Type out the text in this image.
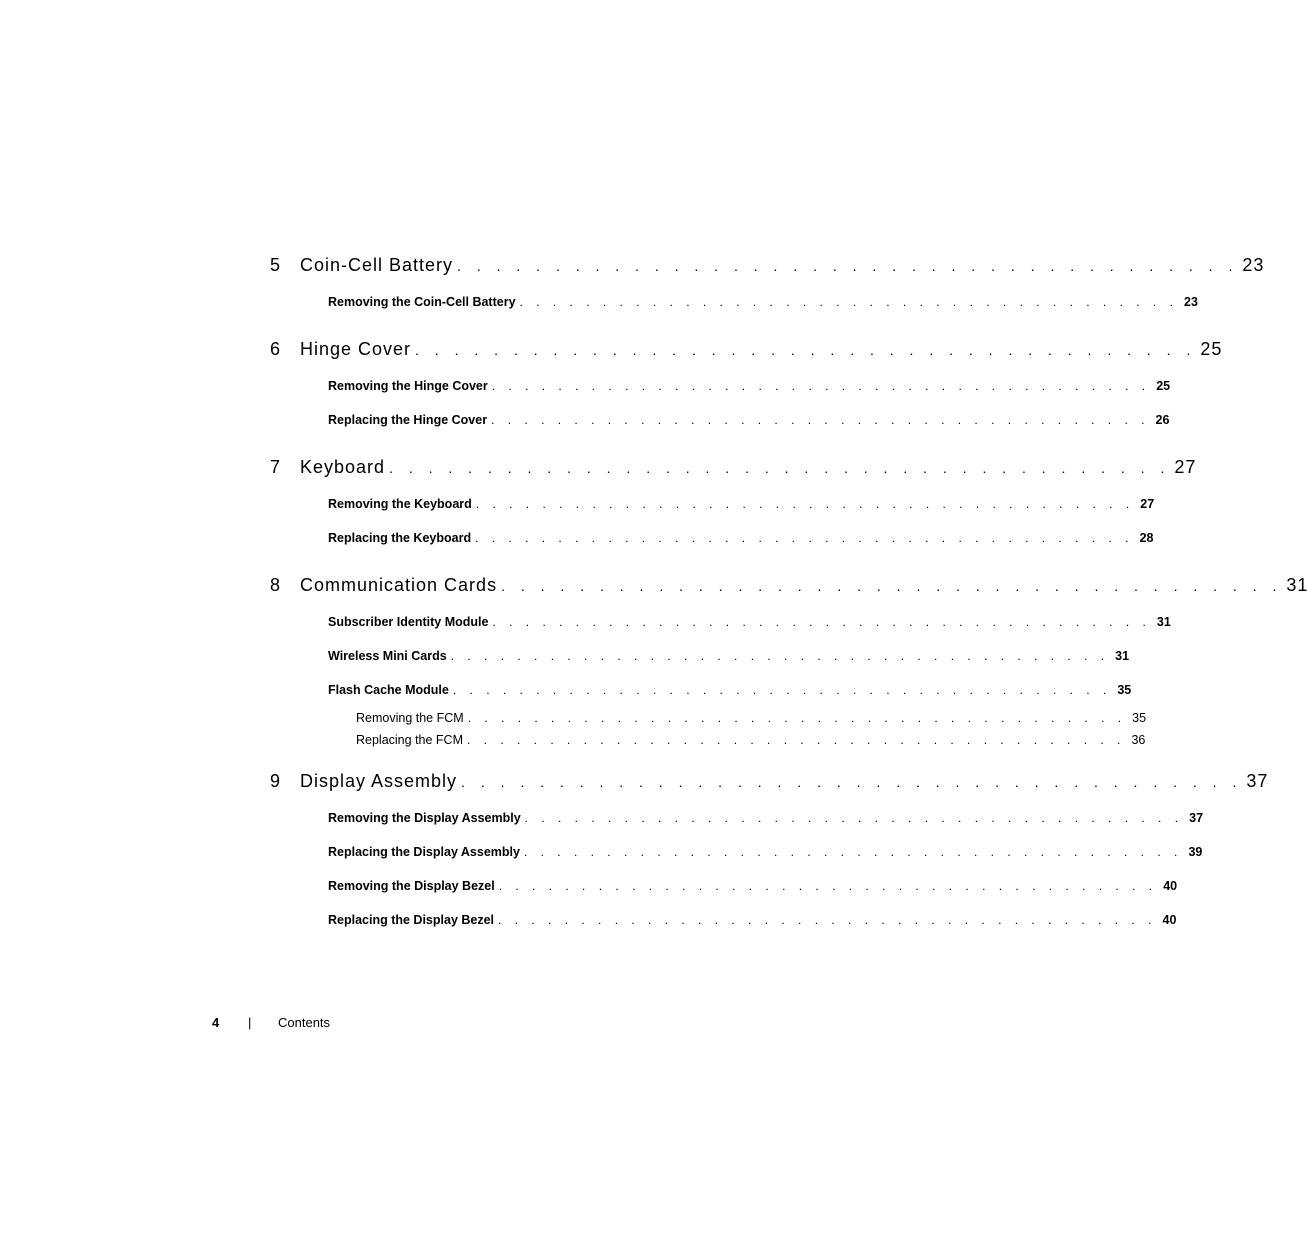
5	Coin-Cell Battery . . . . . . . . . . . . . . . . . . . . . . . . . . . . . . . . . . . . . . . . 23
Removing the Coin-Cell Battery . . . . . . . . . . . . . . . . . . . . . . . . . . . . . . . . . . . . . . . . 23
6	Hinge Cover . . . . . . . . . . . . . . . . . . . . . . . . . . . . . . . . . . . . . . . . 25
Removing the Hinge Cover . . . . . . . . . . . . . . . . . . . . . . . . . . . . . . . . . . . . . . . . 25
Replacing the Hinge Cover . . . . . . . . . . . . . . . . . . . . . . . . . . . . . . . . . . . . . . . . 26
7	Keyboard . . . . . . . . . . . . . . . . . . . . . . . . . . . . . . . . . . . . . . . . 27
Removing the Keyboard . . . . . . . . . . . . . . . . . . . . . . . . . . . . . . . . . . . . . . . . 27
Replacing the Keyboard . . . . . . . . . . . . . . . . . . . . . . . . . . . . . . . . . . . . . . . . 28
8	Communication Cards . . . . . . . . . . . . . . . . . . . . . . . . . . . . . . . . . . . . . . . . 31
Subscriber Identity Module . . . . . . . . . . . . . . . . . . . . . . . . . . . . . . . . . . . . . . . . 31
Wireless Mini Cards . . . . . . . . . . . . . . . . . . . . . . . . . . . . . . . . . . . . . . . . 31
Flash Cache Module . . . . . . . . . . . . . . . . . . . . . . . . . . . . . . . . . . . . . . . . 35
Removing the FCM . . . . . . . . . . . . . . . . . . . . . . . . . . . . . . . . . . . . . . . . 35
Replacing the FCM . . . . . . . . . . . . . . . . . . . . . . . . . . . . . . . . . . . . . . . . 36
9	Display Assembly . . . . . . . . . . . . . . . . . . . . . . . . . . . . . . . . . . . . . . . . 37
Removing the Display Assembly . . . . . . . . . . . . . . . . . . . . . . . . . . . . . . . . . . . . . . . . 37
Replacing the Display Assembly . . . . . . . . . . . . . . . . . . . . . . . . . . . . . . . . . . . . . . . . 39
Removing the Display Bezel . . . . . . . . . . . . . . . . . . . . . . . . . . . . . . . . . . . . . . . . 40
Replacing the Display Bezel . . . . . . . . . . . . . . . . . . . . . . . . . . . . . . . . . . . . . . . . 40
4	|	Contents
